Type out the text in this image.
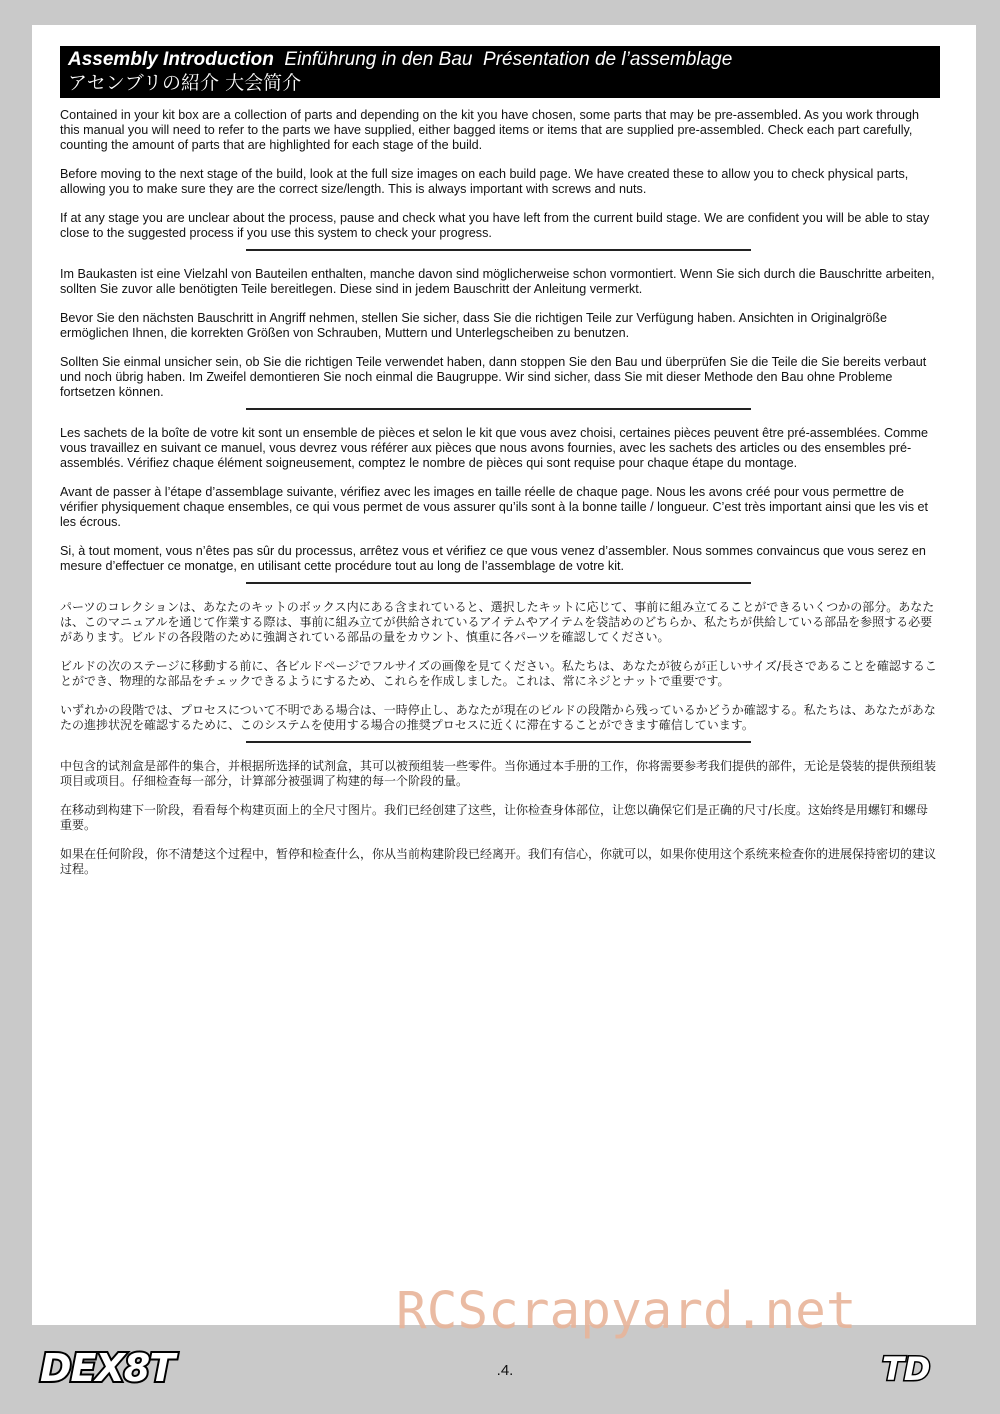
Assembly Introduction Einführung in den Bau Présentation de l’assemblage
アセンブリの紹介 大会简介

Contained in your kit box are a collection of parts and depending on the kit you have chosen, some parts that may be pre-assembled. As you work through this manual you will need to refer to the parts we have supplied, either bagged items or items that are supplied pre-assembled. Check each part carefully, counting the amount of parts that are highlighted for each stage of the build.

Before moving to the next stage of the build, look at the full size images on each build page. We have created these to allow you to check physical parts, allowing you to make sure they are the correct size/length. This is always important with screws and nuts.

If at any stage you are unclear about the process, pause and check what you have left from the current build stage. We are confident you will be able to stay close to the suggested process if you use this system to check your progress.

Im Baukasten ist eine Vielzahl von Bauteilen enthalten, manche davon sind möglicherweise schon vormontiert. Wenn Sie sich durch die Bauschritte arbeiten, sollten Sie zuvor alle benötigten Teile bereitlegen. Diese sind in jedem Bauschritt der Anleitung vermerkt.

Bevor Sie den nächsten Bauschritt in Angriff nehmen, stellen Sie sicher, dass Sie die richtigen Teile zur Verfügung haben. Ansichten in Originalgröße ermöglichen Ihnen, die korrekten Größen von Schrauben, Muttern und Unterlegscheiben zu benutzen.

Sollten Sie einmal unsicher sein, ob Sie die richtigen Teile verwendet haben, dann stoppen Sie den Bau und überprüfen Sie die Teile die Sie bereits verbaut und noch übrig haben. Im Zweifel demontieren Sie noch einmal die Baugruppe. Wir sind sicher, dass Sie mit dieser Methode den Bau ohne Probleme fortsetzen können.

Les sachets de la boîte de votre kit sont un ensemble de pièces et selon le kit que vous avez choisi, certaines pièces peuvent être pré-assemblées. Comme vous travaillez en suivant ce manuel, vous devrez vous référer aux pièces que nous avons fournies, avec les sachets des articles ou des ensembles pré-assemblés. Vérifiez chaque élément soigneusement, comptez le nombre de pièces qui sont requise pour chaque étape du montage.

Avant de passer à l’étape d’assemblage suivante, vérifiez avec les images en taille réelle de chaque page. Nous les avons créé pour vous permettre de vérifier physiquement chaque ensembles, ce qui vous permet de vous assurer qu’ils sont à la bonne taille / longueur. C’est très important ainsi que les vis et les écrous.

Si, à tout moment, vous n’êtes pas sûr du processus, arrêtez vous et vérifiez ce que vous venez d’assembler. Nous sommes convaincus que vous serez en mesure d’effectuer ce monatge, en utilisant cette procédure tout au long de l’assemblage de votre kit.

パーツのコレクションは、あなたのキットのボックス内にある含まれていると、選択したキットに応じて、事前に組み立てることができるいくつかの部分。あなたは、このマニュアルを通じて作業する際は、事前に組み立てが供給されているアイテムやアイテムを袋詰めのどちらか、私たちが供給している部品を参照する必要があります。ビルドの各段階のために強調されている部品の量をカウント、慎重に各パーツを確認してください。

ビルドの次のステージに移動する前に、各ビルドページでフルサイズの画像を見てください。私たちは、あなたが彼らが正しいサイズ/長さであることを確認することができ、物理的な部品をチェックできるようにするため、これらを作成しました。これは、常にネジとナットで重要です。

いずれかの段階では、プロセスについて不明である場合は、一時停止し、あなたが現在のビルドの段階から残っているかどうか確認する。私たちは、あなたがあなたの進捗状況を確認するために、このシステムを使用する場合の推奨プロセスに近くに滞在することができます確信しています。

中包含的试剂盒是部件的集合，并根据所选择的试剂盒，其可以被预组装一些零件。当你通过本手册的工作，你将需要参考我们提供的部件，无论是袋装的提供预组装项目或项目。仔细检查每一部分，计算部分被强调了构建的每一个阶段的量。

在移动到构建下一阶段，看看每个构建页面上的全尺寸图片。我们已经创建了这些，让你检查身体部位，让您以确保它们是正确的尺寸/长度。这始终是用螺钉和螺母重要。

如果在任何阶段，你不清楚这个过程中，暂停和检查什么，你从当前构建阶段已经离开。我们有信心，你就可以，如果你使用这个系统来检查你的进展保持密切的建议过程。

RCScrapyard.net
DEX8T	.4.	TD
